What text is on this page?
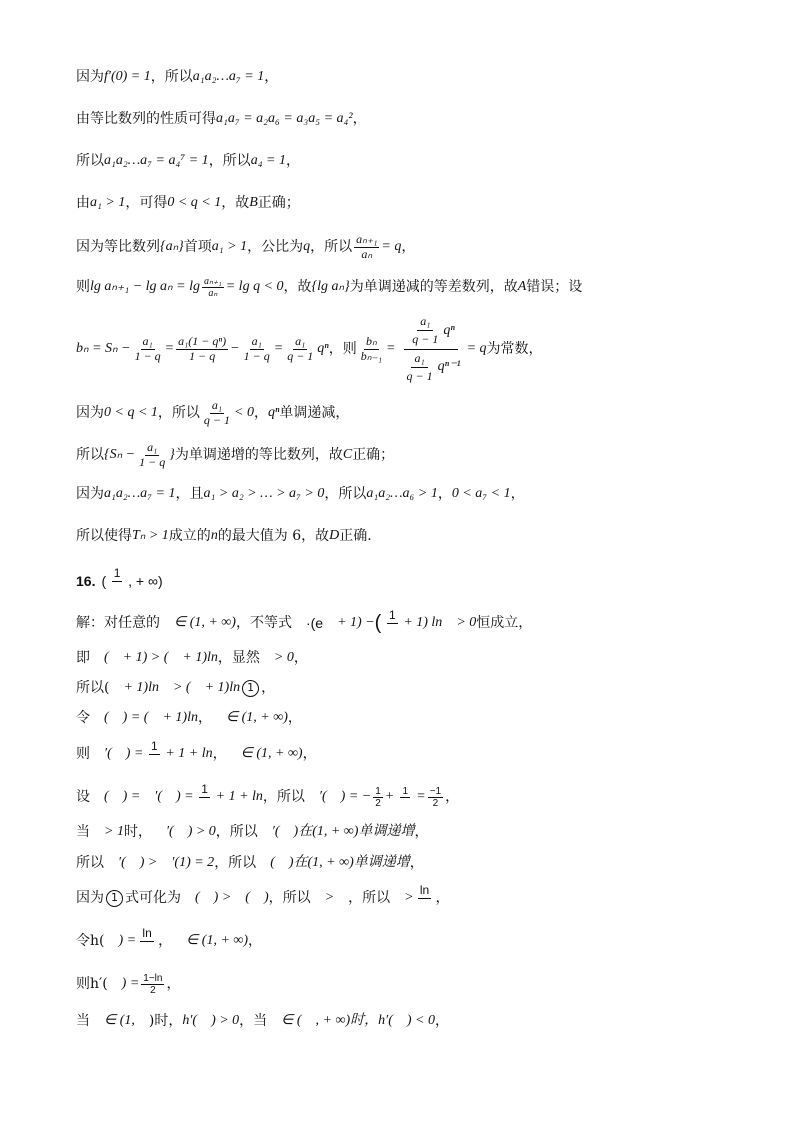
因为 f′(0) = 1 ，所以 a₁a₂…a₇ = 1 ，
由等比数列的性质可得 a₁a₇ = a₂a₆ = a₃a₅ = a₄² ，
所以 a₁a₂…a₇ = a₄⁷ = 1 ，所以 a₄ = 1 ，
由 a₁ > 1 ，可得 0 < q < 1 ，故 B 正确；
因为等比数列 {aₙ} 首项 a₁ > 1 ，公比为 q ，所以 $\frac{\text{aₙ₊₁}}{\text{aₙ}} = q$ ，
则 $\lg a_{n+1} - \lg a_n = \lg \frac{\text{aₙ₊₁}}{\text{aₙ}} = \lg q < 0$ ，故 {lg aₙ} 为单调递减的等差数列，故 A 错误；设
$b_n = S_n - \frac{\text{a₁}}{1 - q} = \frac{\text{a₁(1 − qⁿ)}}{1 - q} - \frac{\text{a₁}}{1 - q} = \frac{\text{a₁}}{q - 1}$ qⁿ ，则 $\frac{\text{bₙ}}{\text{bₙ₋₁}} = \frac{\frac{\text{a₁}}{q - 1} q^n}{\frac{\text{a₁}}{q - 1} q^{n-1}} = q$ 为常数，
因为 0 < q < 1 ，所以 $\frac{\text{a₁}}{q - 1} < 0$ ， qⁿ 单调递减，
所以 {$S_n - \frac{\text{a₁}}{1 - q}$ } 为单调递增的等比数列，故 C 正确；
因为 a₁a₂…a₇ = 1 ，且 a₁ > a₂ > … > a₇ > 0 ，所以 a₁a₂…a₆ > 1 ， 0 < a₇ < 1 ，
所以使得 Tₙ > 1 成立的 n 的最大值为 6，故 D 正确.
16. ( 1 , + ∞)
解：对任意的 ∈ (1, + ∞) ，不等式 ·(e + 1) − ( 1 + 1) ln > 0 恒成立，
即 ( + 1) > ( + 1)ln ，显然 > 0 ，
所以( + 1)ln > ( + 1)ln 1 ，
令 ( ) = ( + 1)ln ， ∈ (1, + ∞) ，
则 ′( ) = 1 + 1 + ln ， ∈ (1, + ∞) ，
设 ( ) = ′( ) = 1 + 1 + ln ，所以 ′( ) = − $\frac{1}{2} + 1 = \frac{-1}{2}$ ，
当 > 1 时， ′( ) > 0 ，所以 ′( )在(1, + ∞)单调递增 ，
所以 ′( ) > ′(1) = 2 ，所以 ( )在(1, + ∞)单调递增 ，
因为 1 式可化为 ( ) > ( ) ，所以 > ，所以 > ln ，
令h( ) = ln ， ∈ (1, + ∞) ，
则h′( ) = $\frac{1-\ln}{2}$ ，
当 ∈ (1, )时， h′( ) > 0 ，当 ∈ ( , + ∞)时， h′( ) < 0 ，
